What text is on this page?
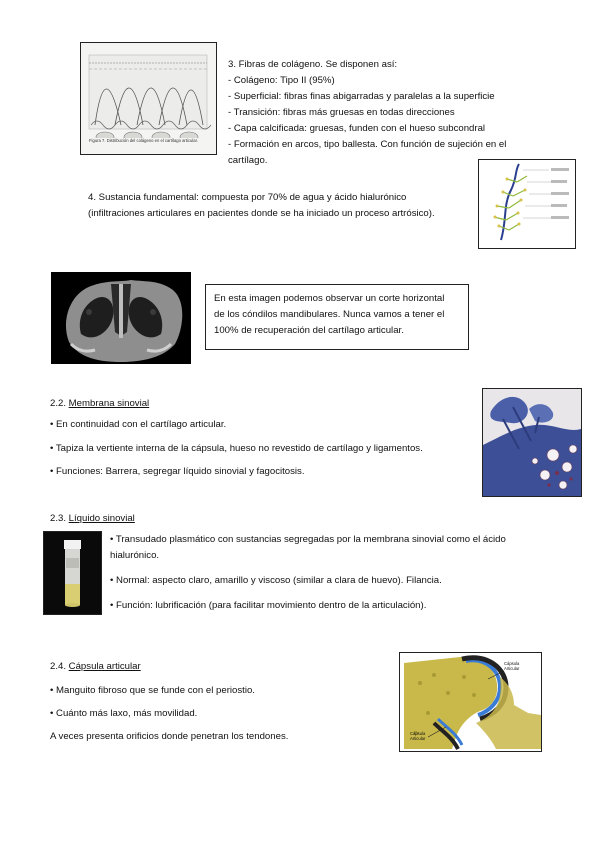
Figura 7. Distribución del colágeno en el cartílago articular.

3. Fibras de colágeno. Se disponen así:

- Colágeno: Tipo II (95%)

- Superficial: fibras finas abigarradas y paralelas a la superficie

- Transición: fibras más gruesas en todas direcciones

- Capa calcificada: gruesas, funden con el hueso subcondral

- Formación en arcos, tipo ballesta. Con función de sujeción en el

cartílago.

4. Sustancia fundamental: compuesta por 70% de agua y ácido hialurónico

(infiltraciones articulares en pacientes donde se ha iniciado un proceso artrósico).

En esta imagen podemos observar un corte horizontal

de los cóndilos mandibulares. Nunca vamos a tener el

100% de recuperación del cartílago articular.

2.2. Membrana sinovial
• En continuidad con el cartílago articular.
• Tapiza la vertiente interna de la cápsula, hueso no revestido de cartílago y ligamentos.
• Funciones: Barrera, segregar líquido sinovial y fagocitosis.
2.3. Líquido sinovial

• Transudado plasmático con sustancias segregadas por la membrana sinovial como el ácido

hialurónico.

• Normal: aspecto claro, amarillo y viscoso (similar a clara de huevo). Filancia.

• Función: lubrificación (para facilitar movimiento dentro de la articulación).

2.4. Cápsula articular
• Manguito fibroso que se funde con el periostio.
• Cuánto más laxo, más movilidad.
A veces presenta orificios donde penetran los tendones.
Cápsula
Articular
Cápsula
Articular
